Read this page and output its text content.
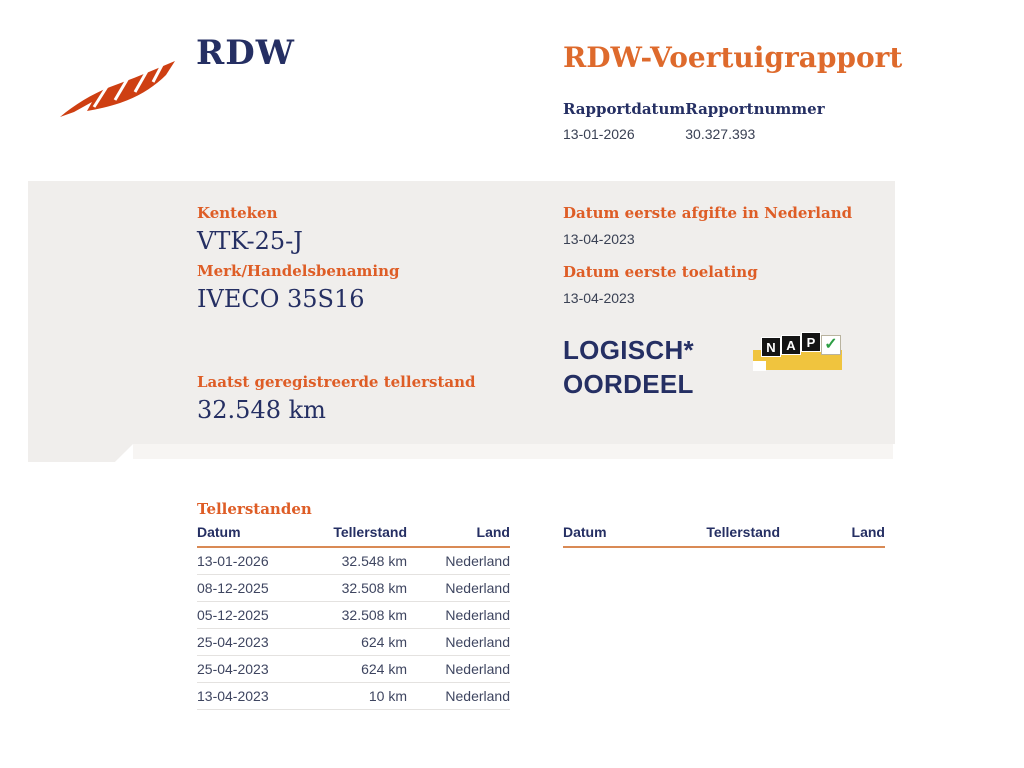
RDW	RDW-Voertuigrapport
Rapportdatum
13-01-2026
Rapportnummer
30.327.393
Kenteken
VTK-25-J
Merk/Handelsbenaming
IVECO 35S16
Laatst geregistreerde tellerstand
32.548 km
Datum eerste afgifte in Nederland
13-04-2023
Datum eerste toelating
13-04-2023
LOGISCH*
OORDEEL
N A P ✓
Tellerstanden
Datum	Tellerstand	Land
13-01-2026	32.548 km	Nederland
08-12-2025	32.508 km	Nederland
05-12-2025	32.508 km	Nederland
25-04-2023	624 km	Nederland
25-04-2023	624 km	Nederland
13-04-2023	10 km	Nederland
Datum	Tellerstand	Land
